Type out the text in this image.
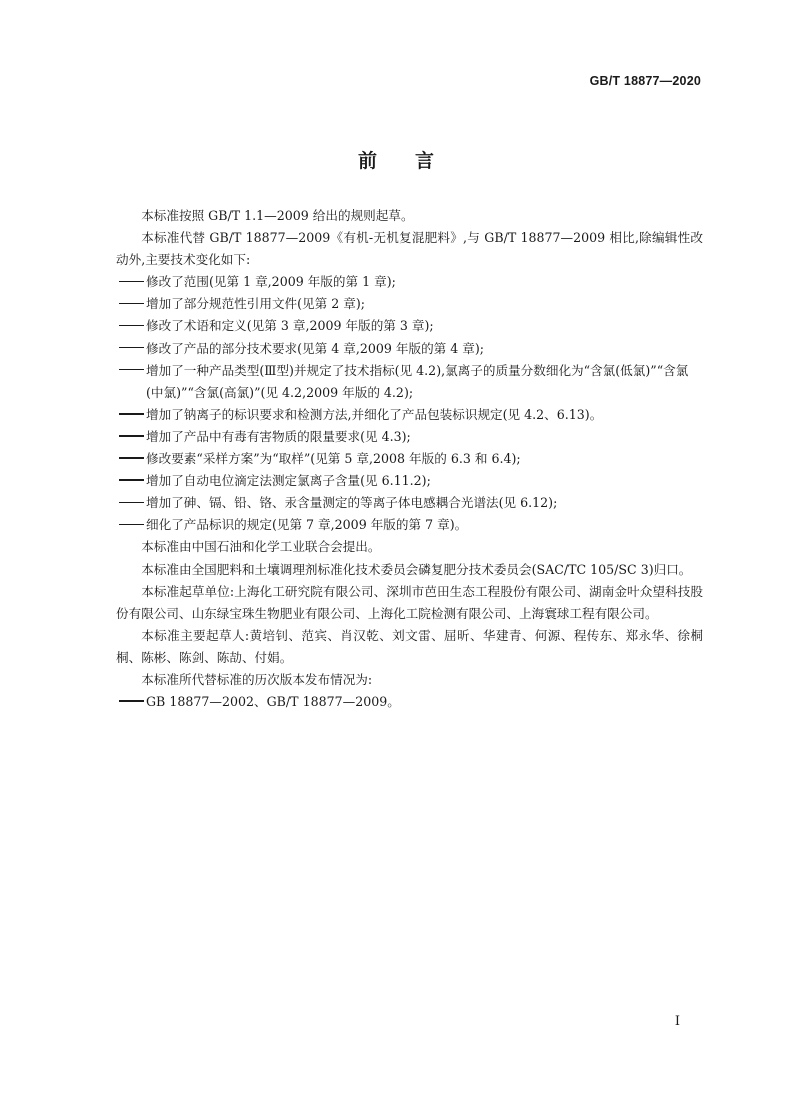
GB/T 18877—2020
前 言

本标准按照 GB/T 1.1—2009 给出的规则起草。

本标准代替 GB/T 18877—2009《有机-无机复混肥料》,与 GB/T 18877—2009 相比,除编辑性改动外,主要技术变化如下:

修改了范围(见第 1 章,2009 年版的第 1 章);

增加了部分规范性引用文件(见第 2 章);

修改了术语和定义(见第 3 章,2009 年版的第 3 章);

修改了产品的部分技术要求(见第 4 章,2009 年版的第 4 章);

增加了一种产品类型(Ⅲ型)并规定了技术指标(见 4.2),氯离子的质量分数细化为“含氯(低氯)”“含氯(中氯)”“含氯(高氯)”(见 4.2,2009 年版的 4.2);

增加了钠离子的标识要求和检测方法,并细化了产品包装标识规定(见 4.2、6.13)。

增加了产品中有毒有害物质的限量要求(见 4.3);

修改要素“采样方案”为“取样”(见第 5 章,2008 年版的 6.3 和 6.4);

增加了自动电位滴定法测定氯离子含量(见 6.11.2);

增加了砷、镉、铅、铬、汞含量测定的等离子体电感耦合光谱法(见 6.12);

细化了产品标识的规定(见第 7 章,2009 年版的第 7 章)。

本标准由中国石油和化学工业联合会提出。

本标准由全国肥料和土壤调理剂标准化技术委员会磷复肥分技术委员会(SAC/TC 105/SC 3)归口。

本标准起草单位:上海化工研究院有限公司、深圳市芭田生态工程股份有限公司、湖南金叶众望科技股份有限公司、山东绿宝珠生物肥业有限公司、上海化工院检测有限公司、上海寰球工程有限公司。

本标准主要起草人:黄培钊、范宾、肖汉乾、刘文雷、屈昕、华建青、何源、程传东、郑永华、徐桐桐、陈彬、陈剑、陈劼、付娟。

本标准所代替标准的历次版本发布情况为:

GB 18877—2002、GB/T 18877—2009。

I
